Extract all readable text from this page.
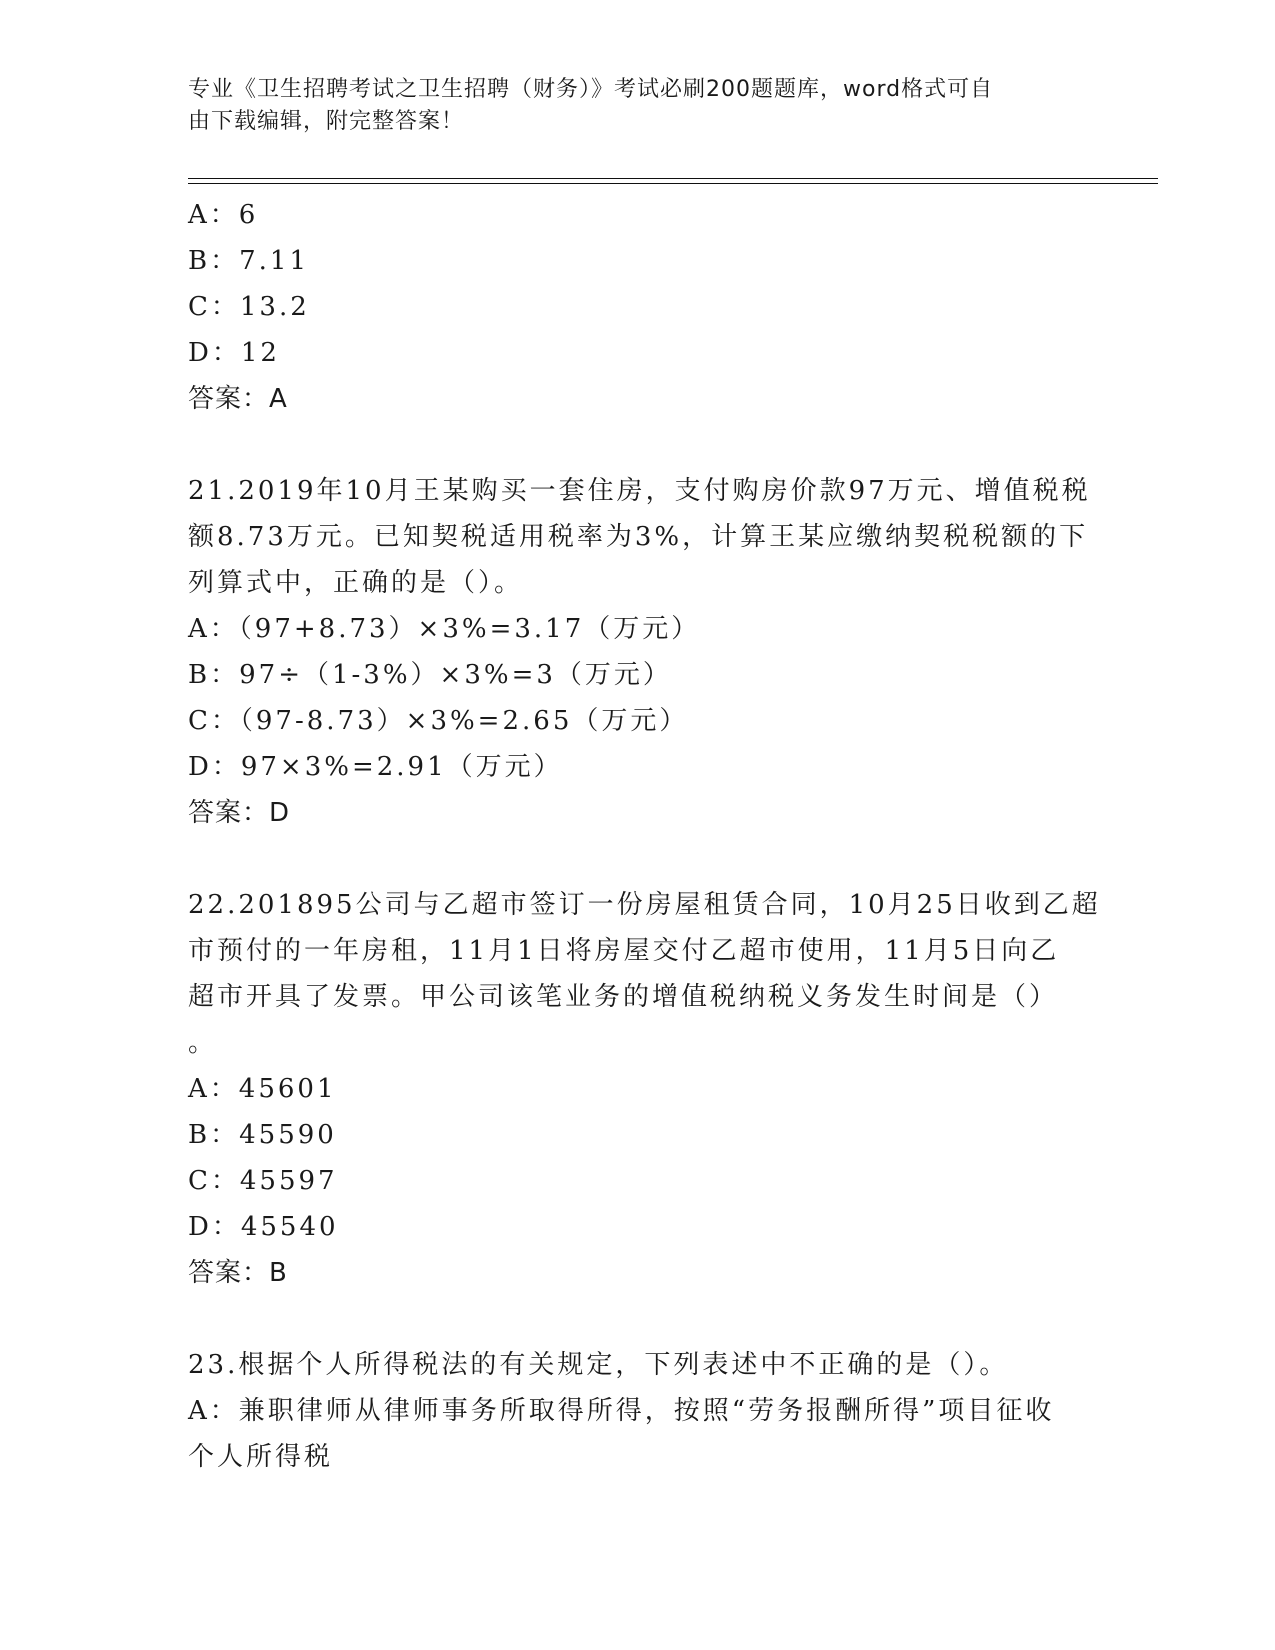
专业《卫生招聘考试之卫生招聘（财务）》考试必刷200题题库，word格式可自
由下载编辑，附完整答案！
A：6
B：7.11
C：13.2
D：12
答案：A
21.2019年10月王某购买一套住房，支付购房价款97万元、增值税税
额8.73万元。已知契税适用税率为3%，计算王某应缴纳契税税额的下
列算式中，正确的是（）。
A：（97+8.73）×3%=3.17（万元）
B：97÷（1-3%）×3%=3（万元）
C：（97-8.73）×3%=2.65（万元）
D：97×3%=2.91（万元）
答案：D
22.201895公司与乙超市签订一份房屋租赁合同，10月25日收到乙超
市预付的一年房租，11月1日将房屋交付乙超市使用，11月5日向乙
超市开具了发票。甲公司该笔业务的增值税纳税义务发生时间是（）
。
A：45601
B：45590
C：45597
D：45540
答案：B
23.根据个人所得税法的有关规定，下列表述中不正确的是（）。
A：兼职律师从律师事务所取得所得，按照“劳务报酬所得”项目征收
个人所得税
